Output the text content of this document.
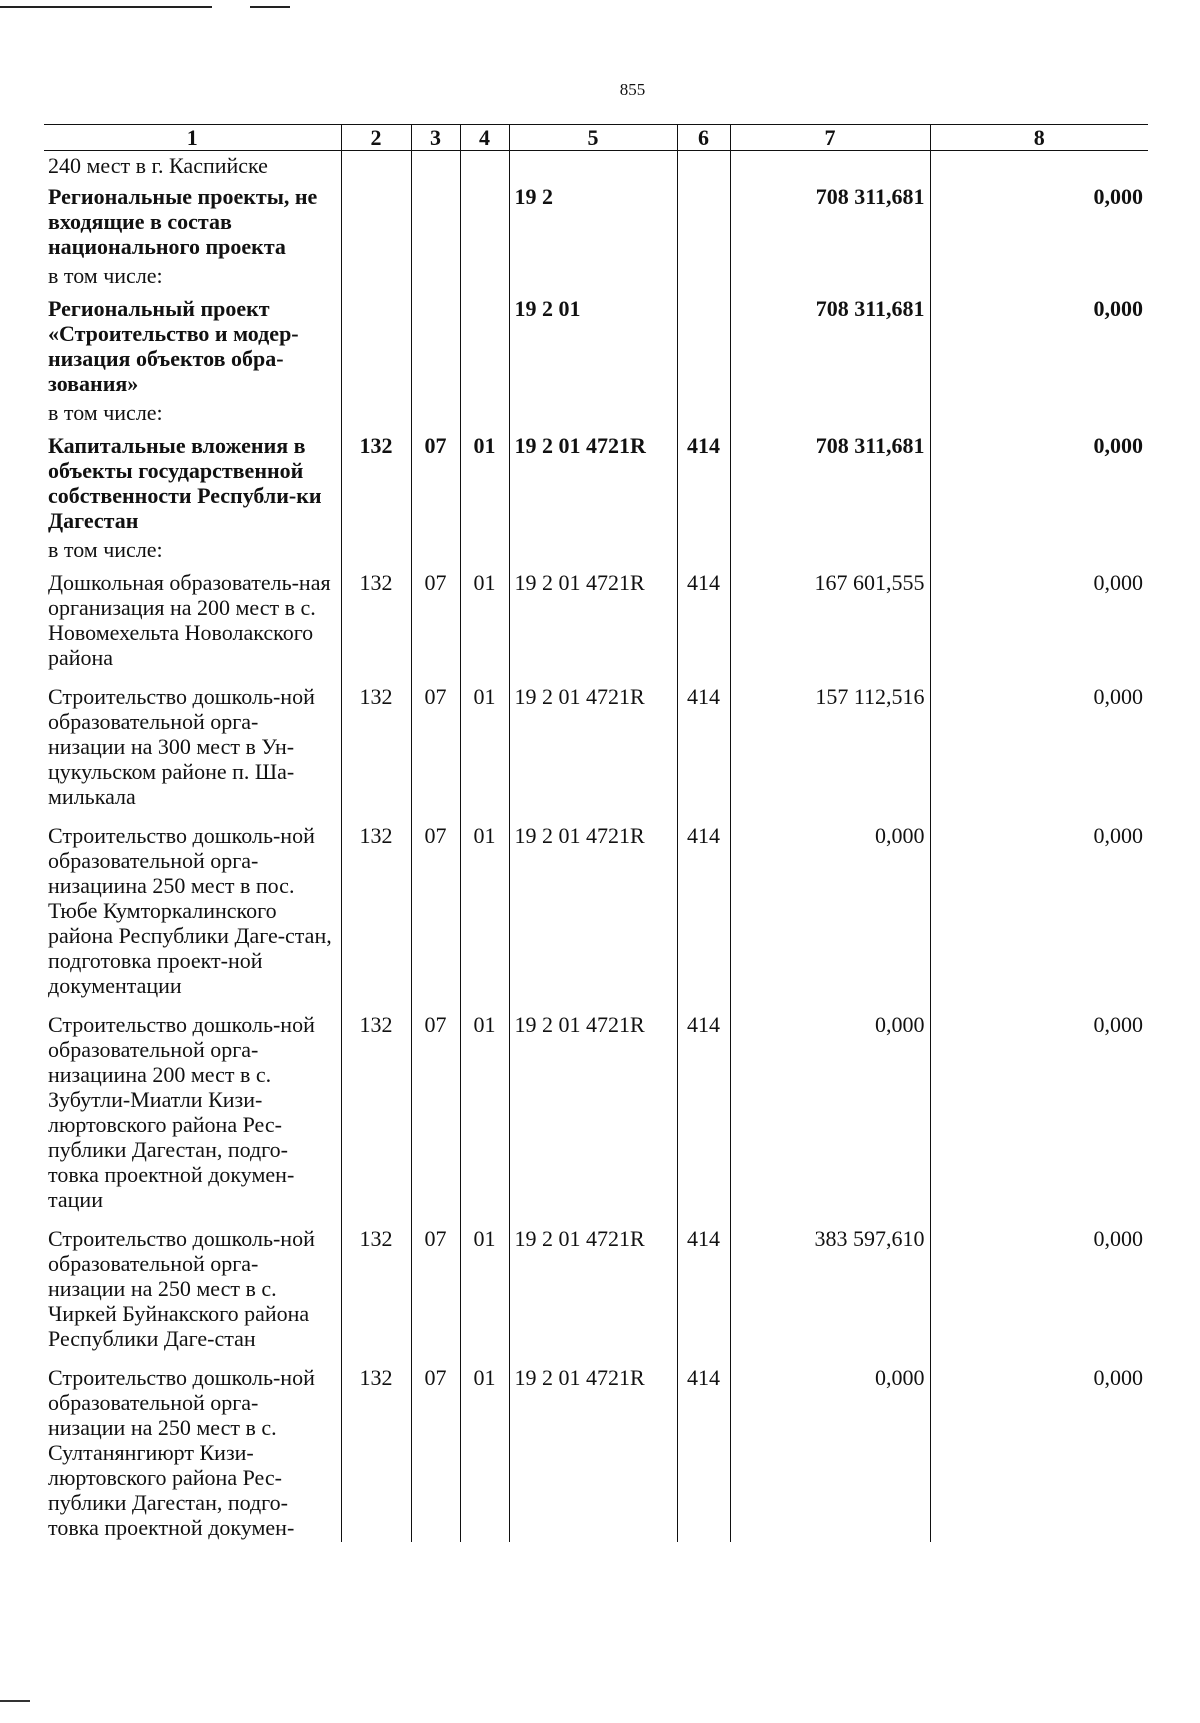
855
1	2	3	4	5	6	7	8
240 мест в г. Каспийске							
Региональные проекты, не входящие в состав национального проекта				19 2		708 311,681	0,000
в том числе:							
Региональный проект «Строительство и модер-низация объектов обра-зования»				19 2 01		708 311,681	0,000
в том числе:							
Капитальные вложения в объекты государственной собственности Республи-ки Дагестан	132	07	01	19 2 01 4721R	414	708 311,681	0,000
в том числе:							
Дошкольная образователь-ная организация на 200 мест в с. Новомехельта Новолакского района	132	07	01	19 2 01 4721R	414	167 601,555	0,000
Строительство дошколь-ной образовательной орга-низации на 300 мест в Ун-цукульском районе п. Ша-милькала	132	07	01	19 2 01 4721R	414	157 112,516	0,000
Строительство дошколь-ной образовательной орга-низациина 250 мест в пос. Тюбе Кумторкалинского района Республики Даге-стан, подготовка проект-ной документации	132	07	01	19 2 01 4721R	414	0,000	0,000
Строительство дошколь-ной образовательной орга-низациина 200 мест в с. Зубутли-Миатли Кизи-люртовского района Рес-публики Дагестан, подго-товка проектной докумен-тации	132	07	01	19 2 01 4721R	414	0,000	0,000
Строительство дошколь-ной образовательной орга-низации на 250 мест в с. Чиркей Буйнакского района Республики Даге-стан	132	07	01	19 2 01 4721R	414	383 597,610	0,000
Строительство дошколь-ной образовательной орга-низации на 250 мест в с. Султанянгиюрт Кизи-люртовского района Рес-публики Дагестан, подго-товка проектной докумен-	132	07	01	19 2 01 4721R	414	0,000	0,000
